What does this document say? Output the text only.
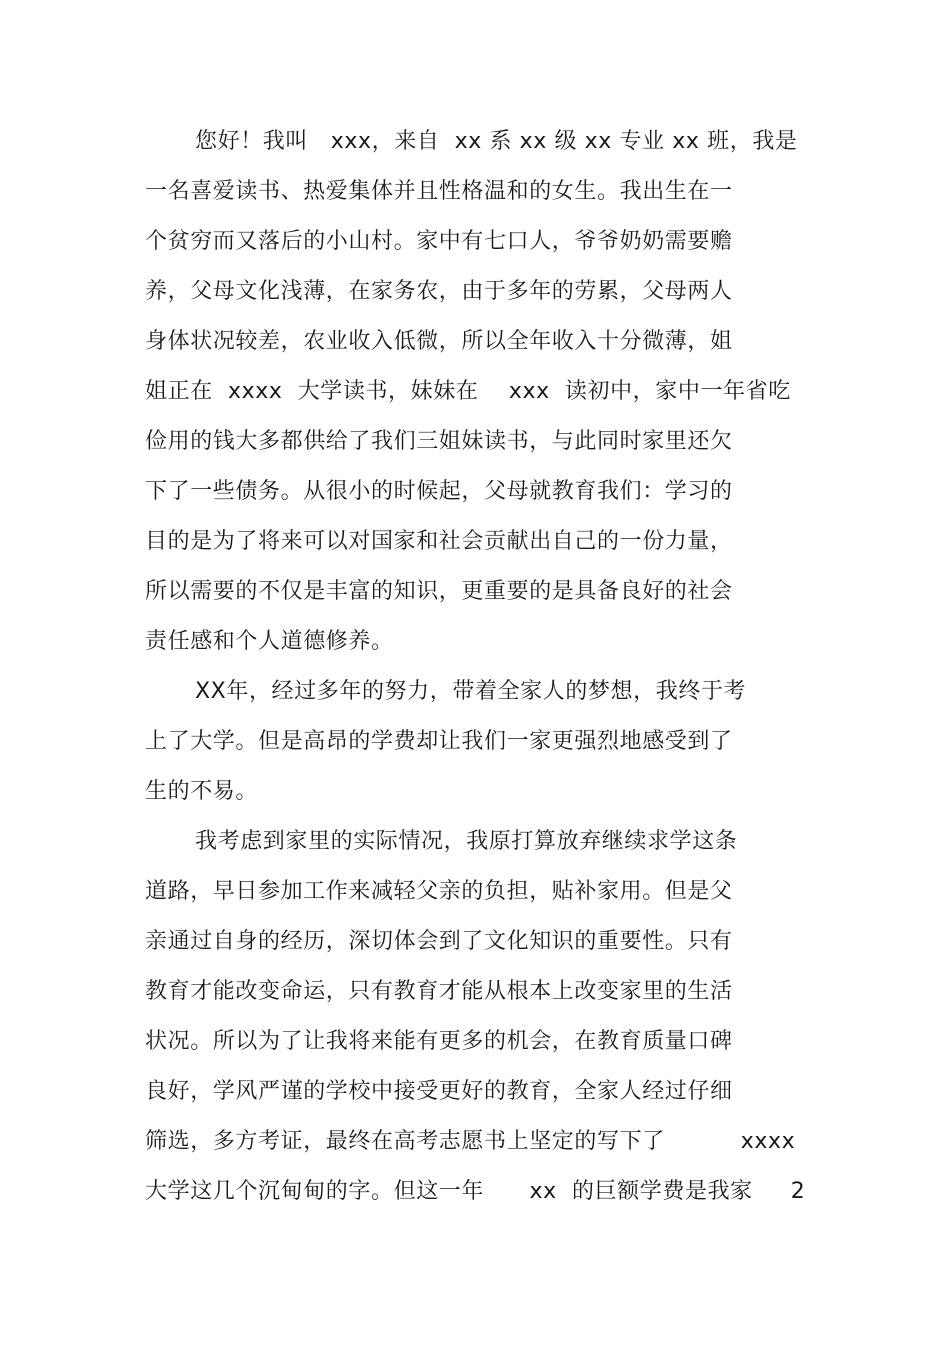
您好！我叫   xxx，来自  xx 系 xx 级 xx 专业 xx 班，我是
一名喜爱读书、热爱集体并且性格温和的女生。我出生在一
个贫穷而又落后的小山村。家中有七口人，爷爷奶奶需要赡
养，父母文化浅薄，在家务农，由于多年的劳累，父母两人
身体状况较差，农业收入低微，所以全年收入十分微薄，姐
姐正在  xxxx  大学读书，妹妹在    xxx  读初中，家中一年省吃
俭用的钱大多都供给了我们三姐妹读书，与此同时家里还欠
下了一些债务。从很小的时候起，父母就教育我们：学习的
目的是为了将来可以对国家和社会贡献出自己的一份力量，
所以需要的不仅是丰富的知识，更重要的是具备良好的社会
责任感和个人道德修养。
XX年，经过多年的努力，带着全家人的梦想，我终于考
上了大学。但是高昂的学费却让我们一家更强烈地感受到了
生的不易。
我考虑到家里的实际情况，我原打算放弃继续求学这条
道路，早日参加工作来减轻父亲的负担，贴补家用。但是父
亲通过自身的经历，深切体会到了文化知识的重要性。只有
教育才能改变命运，只有教育才能从根本上改变家里的生活
状况。所以为了让我将来能有更多的机会，在教育质量口碑
良好，学风严谨的学校中接受更好的教育，全家人经过仔细
筛选，多方考证，最终在高考志愿书上坚定的写下了          xxxx
大学这几个沉甸甸的字。但这一年      xx  的巨额学费是我家     2
